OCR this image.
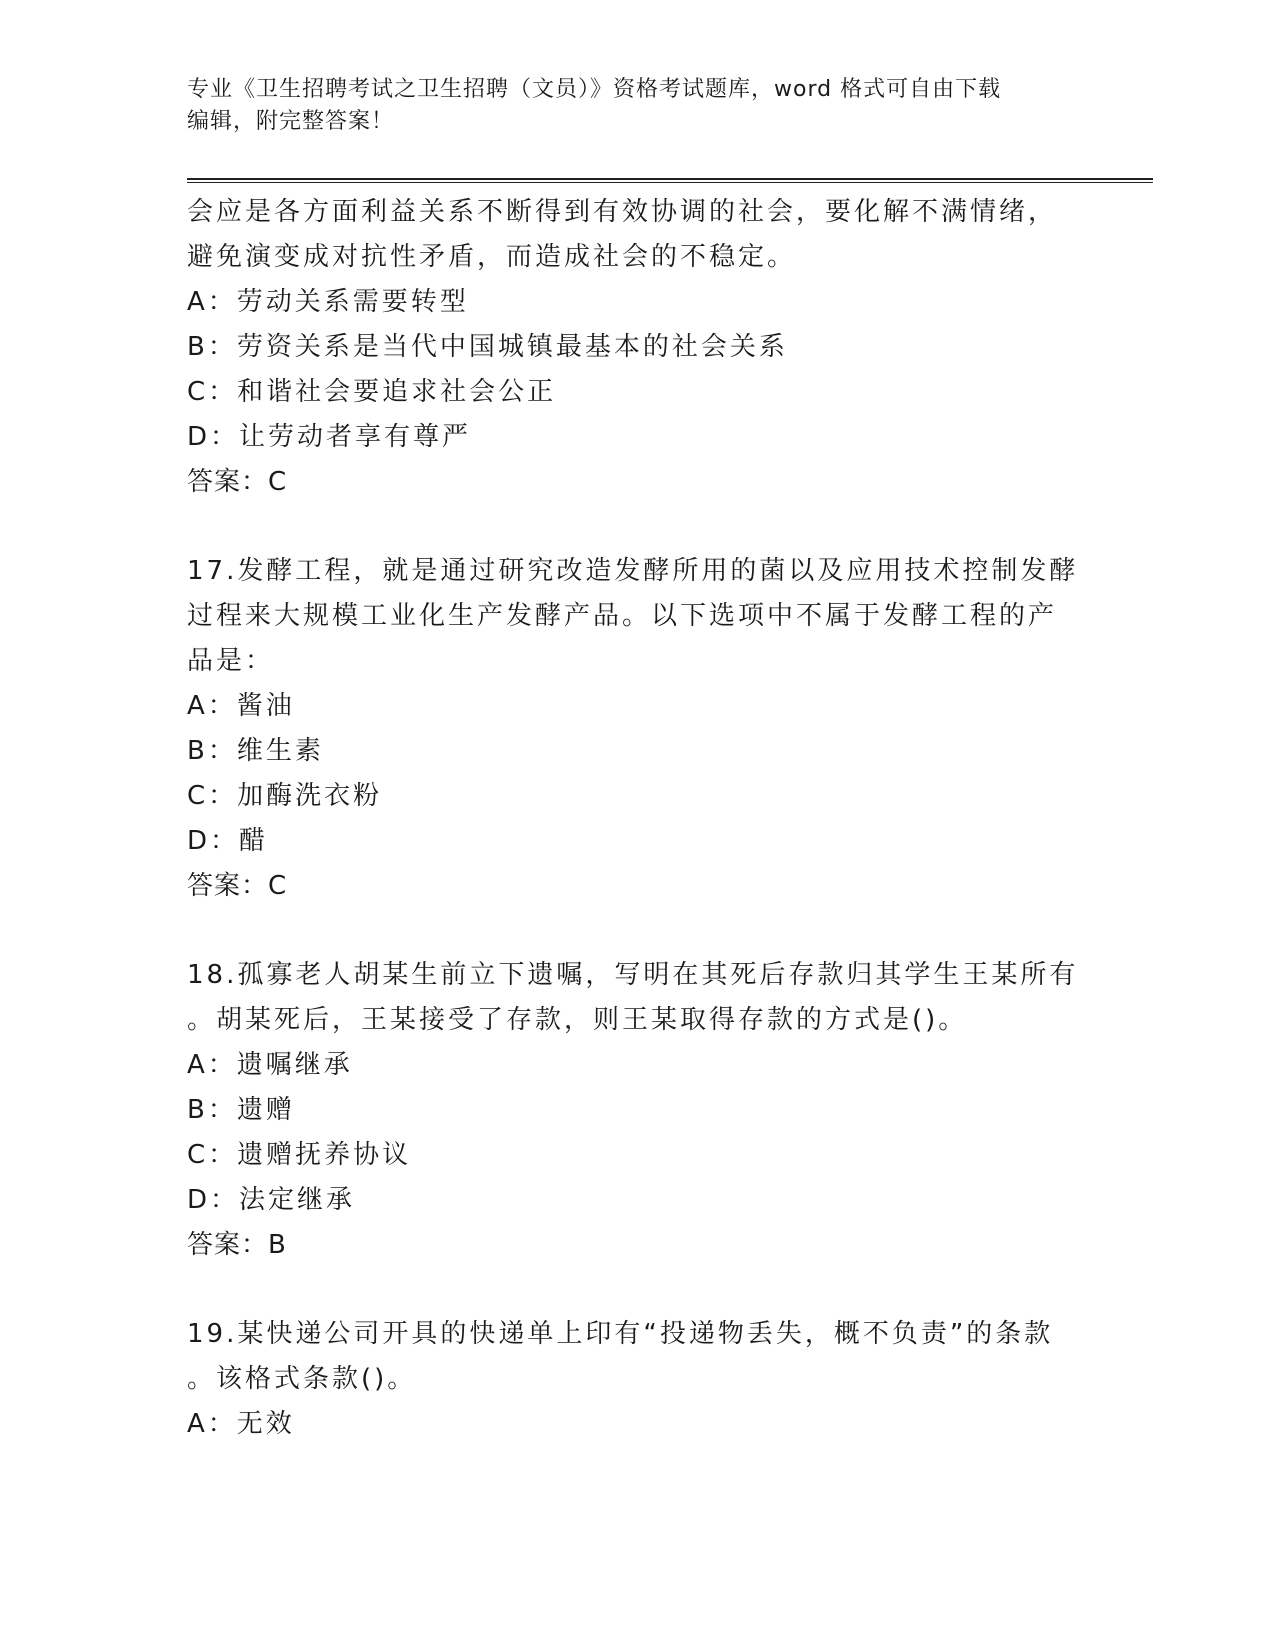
专业《卫生招聘考试之卫生招聘（文员）》资格考试题库，word 格式可自由下载
编辑，附完整答案！

会应是各方面利益关系不断得到有效协调的社会，要化解不满情绪，

避免演变成对抗性矛盾，而造成社会的不稳定。

A：劳动关系需要转型

B：劳资关系是当代中国城镇最基本的社会关系

C：和谐社会要追求社会公正

D：让劳动者享有尊严

答案：C

17.发酵工程，就是通过研究改造发酵所用的菌以及应用技术控制发酵

过程来大规模工业化生产发酵产品。以下选项中不属于发酵工程的产

品是：

A：酱油

B：维生素

C：加酶洗衣粉

D：醋

答案：C

18.孤寡老人胡某生前立下遗嘱，写明在其死后存款归其学生王某所有

。胡某死后，王某接受了存款，则王某取得存款的方式是()。

A：遗嘱继承

B：遗赠

C：遗赠抚养协议

D：法定继承

答案：B

19.某快递公司开具的快递单上印有“投递物丢失，概不负责”的条款

。该格式条款()。

A：无效
